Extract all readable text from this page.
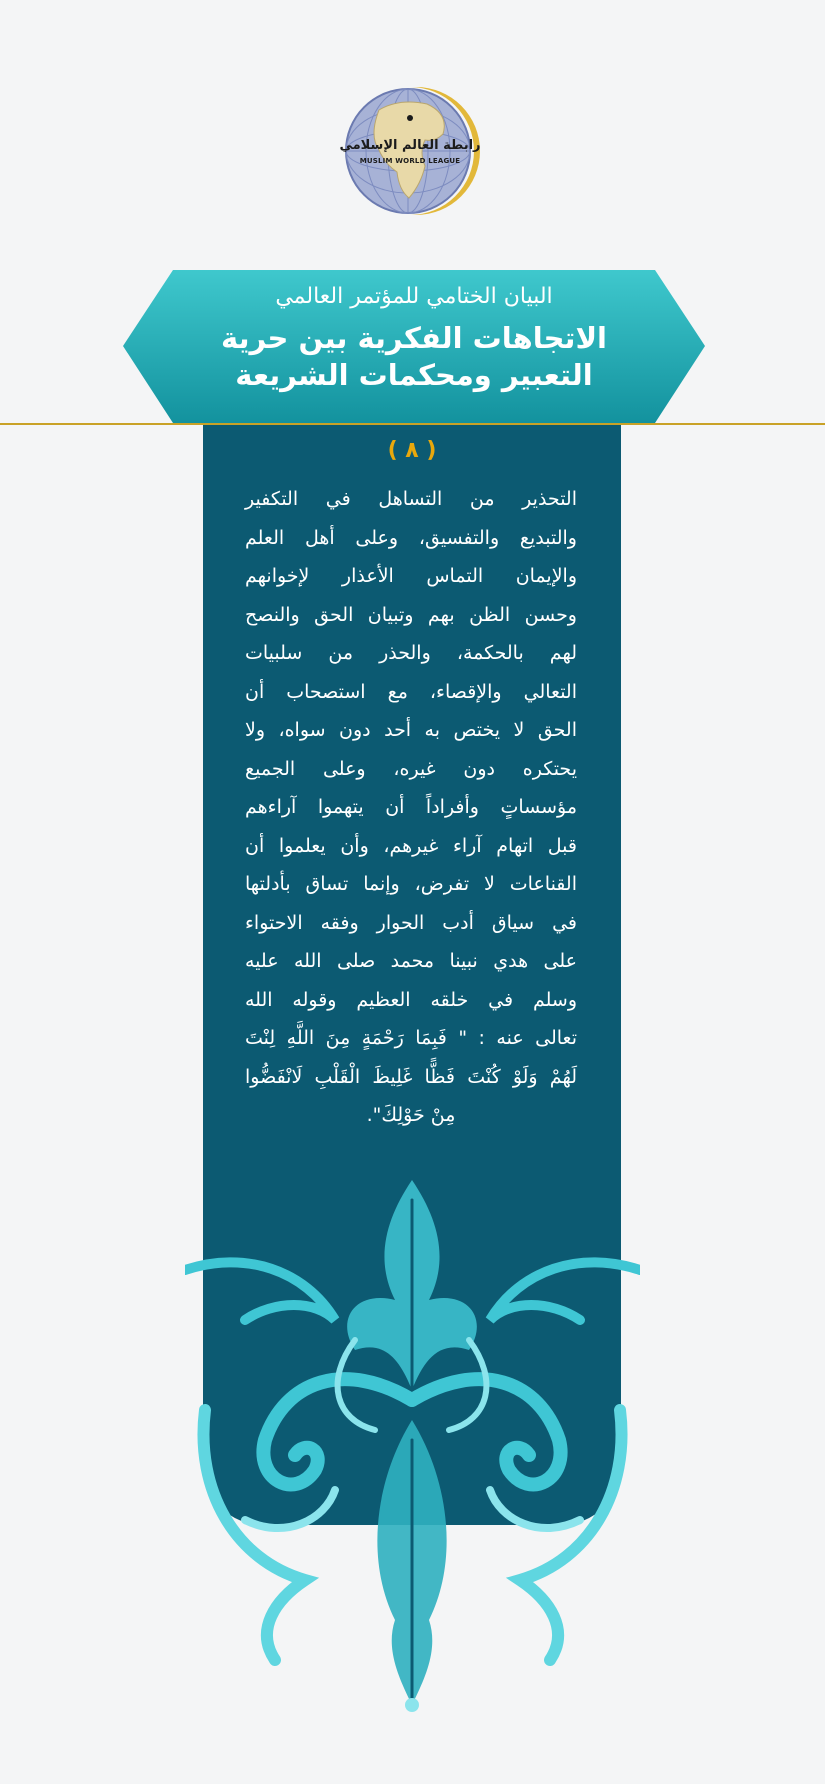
رابطة العالم الإسلامي
MUSLIM WORLD LEAGUE
البيان الختامي للمؤتمر العالمي
الاتجاهات الفكرية بين حرية
التعبير ومحكمات الشريعة
( ٨ )
التحذير من التساهل في التكفير
والتبديع والتفسيق، وعلى أهل العلم
والإيمان التماس الأعذار لإخوانهم
وحسن الظن بهم وتبيان الحق والنصح
لهم بالحكمة، والحذر من سلبيات
التعالي والإقصاء، مع استصحاب أن
الحق لا يختص به أحد دون سواه، ولا
يحتكره دون غيره، وعلى الجميع
مؤسساتٍ وأفراداً أن يتهموا آراءهم
قبل اتهام آراء غيرهم، وأن يعلموا أن
القناعات لا تفرض، وإنما تساق بأدلتها
في سياق أدب الحوار وفقه الاحتواء
على هدي نبينا محمد صلى الله عليه
وسلم في خلقه العظيم وقوله الله
تعالى عنه : " فَبِمَا رَحْمَةٍ مِنَ اللَّهِ لِنْتَ
لَهُمْ وَلَوْ كُنْتَ فَظًّا غَلِيظَ الْقَلْبِ لَانْفَضُّوا
مِنْ حَوْلِكَ".
